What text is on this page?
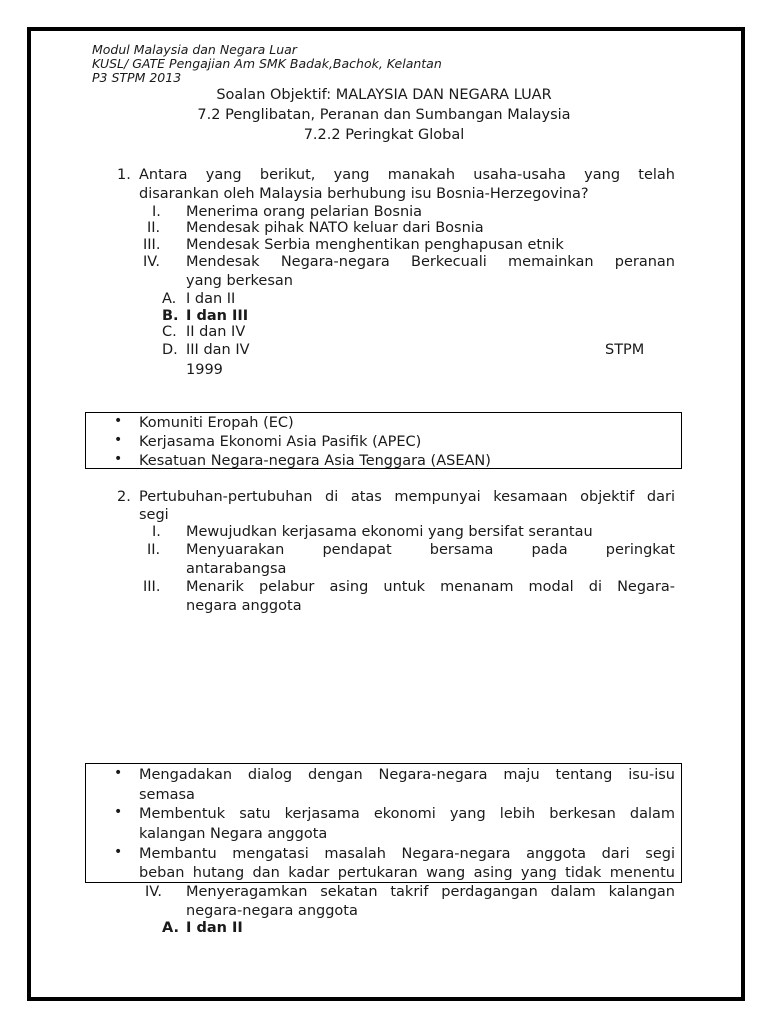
Modul Malaysia dan Negara Luar
KUSL/ GATE Pengajian Am SMK Badak,Bachok, Kelantan
P3 STPM 2013
Soalan Objektif: MALAYSIA DAN NEGARA LUAR
7.2 Penglibatan, Peranan dan Sumbangan Malaysia
7.2.2 Peringkat Global
1. Antara yang berikut, yang manakah usaha-usaha yang telah
disarankan oleh Malaysia berhubung isu Bosnia-Herzegovina?
I. Menerima orang pelarian Bosnia
II. Mendesak pihak NATO keluar dari Bosnia
III. Mendesak Serbia menghentikan penghapusan etnik
IV. Mendesak Negara-negara Berkecuali memainkan peranan
yang berkesan
A. I dan II
B. I dan III
C. II dan IV
D. III dan IV	STPM
1999
• Komuniti Eropah (EC)
• Kerjasama Ekonomi Asia Pasifik (APEC)
• Kesatuan Negara-negara Asia Tenggara (ASEAN)
2. Pertubuhan-pertubuhan di atas mempunyai kesamaan objektif dari
segi
I. Mewujudkan kerjasama ekonomi yang bersifat serantau
II. Menyuarakan pendapat bersama pada peringkat
antarabangsa
III. Menarik pelabur asing untuk menanam modal di Negara-
negara anggota
• Mengadakan dialog dengan Negara-negara maju tentang isu-isu
semasa
• Membentuk satu kerjasama ekonomi yang lebih berkesan dalam
kalangan Negara anggota
• Membantu mengatasi masalah Negara-negara anggota dari segi
beban hutang dan kadar pertukaran wang asing yang tidak menentu
IV. Menyeragamkan sekatan takrif perdagangan dalam kalangan
negara-negara anggota
A. I dan II
